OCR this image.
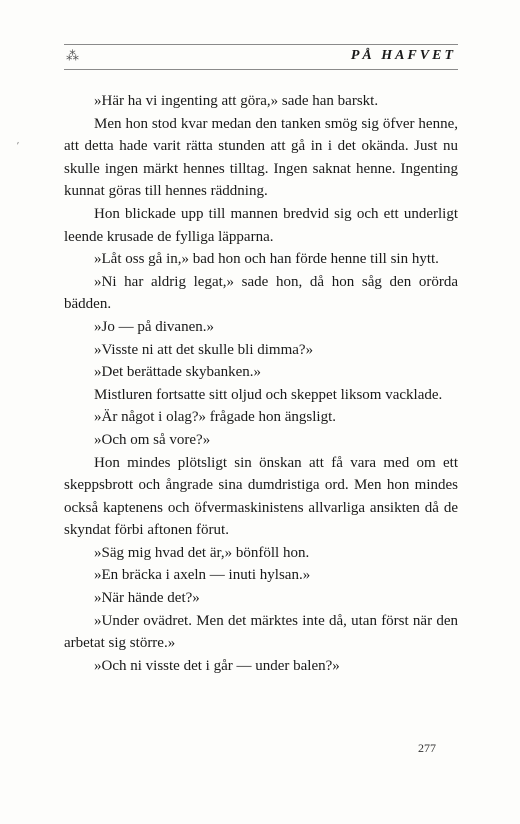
⁂	PÅ HAFVET
´

»Här ha vi ingenting att göra,» sade han barskt.

Men hon stod kvar medan den tanken smög sig öfver henne, att detta hade varit rätta stunden att gå in i det okända. Just nu skulle ingen märkt hennes tilltag. Ingen saknat henne. Ingenting kunnat göras till hennes räddning.

Hon blickade upp till mannen bredvid sig och ett underligt leende krusade de fylliga läpparna.

»Låt oss gå in,» bad hon och han förde henne till sin hytt.

»Ni har aldrig legat,» sade hon, då hon såg den orörda bädden.

»Jo — på divanen.»

»Visste ni att det skulle bli dimma?»

»Det berättade skybanken.»

Mistluren fortsatte sitt oljud och skeppet liksom vacklade.

»Är något i olag?» frågade hon ängsligt.

»Och om så vore?»

Hon mindes plötsligt sin önskan att få vara med om ett skeppsbrott och ångrade sina dumdristiga ord. Men hon mindes också kaptenens och öfvermaskinistens allvarliga ansikten då de skyndat förbi aftonen förut.

»Säg mig hvad det är,» bönföll hon.

»En bräcka i axeln — inuti hylsan.»

»När hände det?»

»Under ovädret. Men det märktes inte då, utan först när den arbetat sig större.»

»Och ni visste det i går — under balen?»

277
